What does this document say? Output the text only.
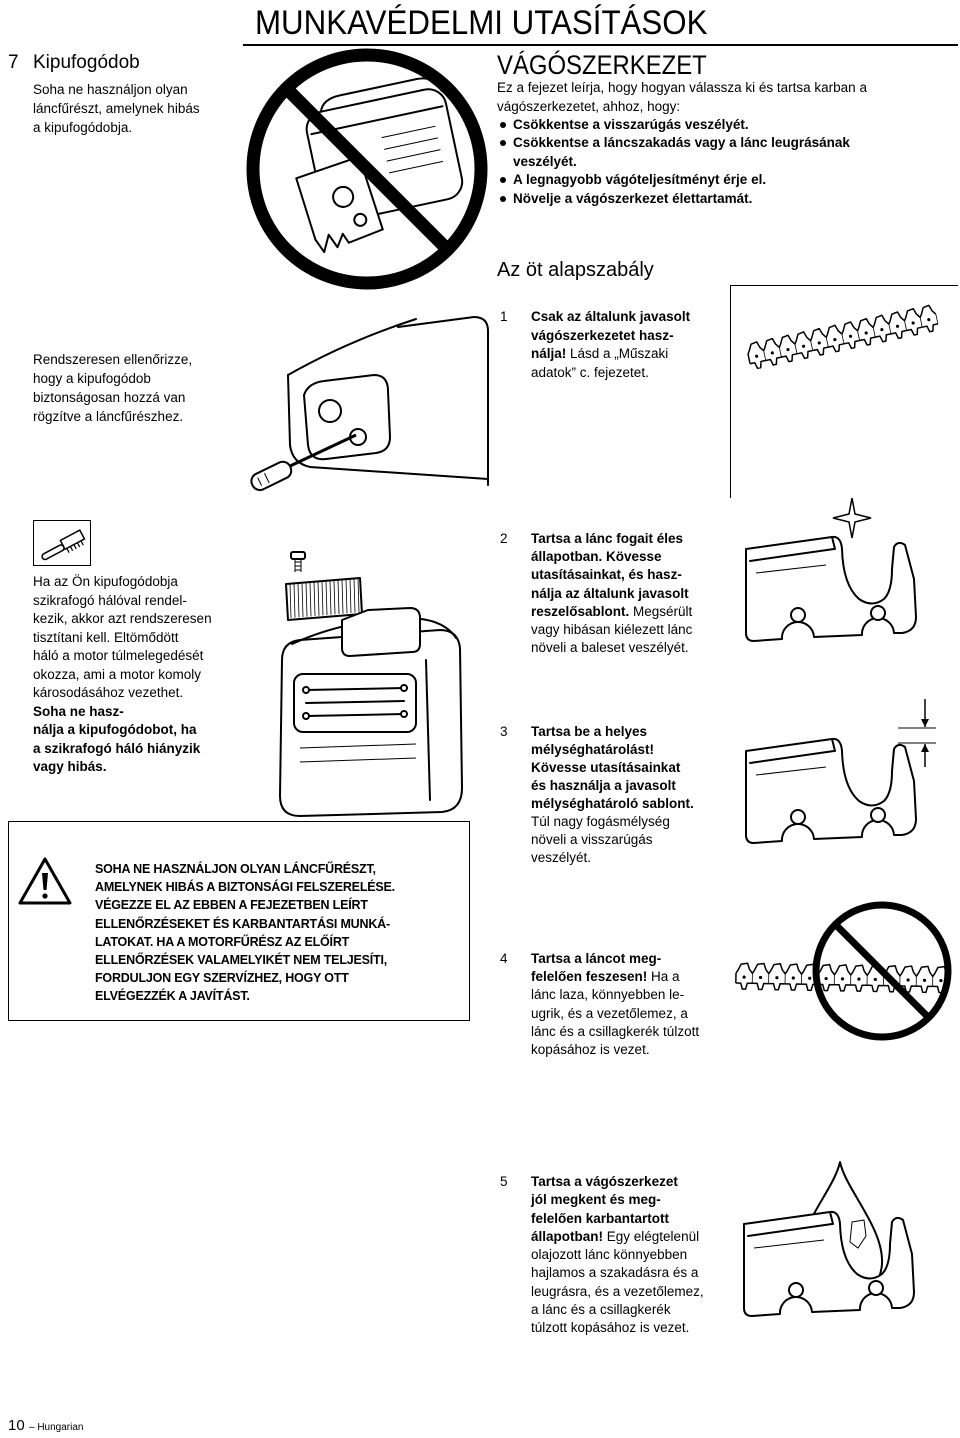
MUNKAVÉDELMI UTASÍTÁSOK
7 Kipufogódob
Soha ne használjon olyan
láncfűrészt, amelynek hibás
a kipufogódobja.
Rendszeresen ellenőrizze,
hogy a kipufogódob
biztonságosan hozzá van
rögzítve a láncfűrészhez.
VÁGÓSZERKEZET
Ez a fejezet leírja, hogy hogyan válassza ki és tartsa karban a
vágószerkezetet, ahhoz, hogy:
Csökkentse a visszarúgás veszélyét.
Csökkentse a láncszakadás vagy a lánc leugrásának
veszélyét.
A legnagyobb vágóteljesítményt érje el.
Növelje a vágószerkezet élettartamát.
Az öt alapszabály
1 Csak az általunk javasolt
vágószerkezetet hasz-
nálja! Lásd a „Műszaki
adatok” c. fejezetet.
2 Tartsa a lánc fogait éles
állapotban. Kövesse
utasításainkat, és hasz-
nálja az általunk javasolt
reszelősablont. Megsérült
vagy hibásan kiélezett lánc
növeli a baleset veszélyét.
3 Tartsa be a helyes
mélységhatárolást!
Kövesse utasításainkat
és használja a javasolt
mélységhatároló sablont.
Túl nagy fogásmélység
növeli a visszarúgás
veszélyét.
4 Tartsa a láncot meg-
felelően feszesen! Ha a
lánc laza, könnyebben le-
ugrik, és a vezetőlemez, a
lánc és a csillagkerék túlzott
kopásához is vezet.
5 Tartsa a vágószerkezet
jól megkent és meg-
felelően karbantartott
állapotban! Egy elégtelenül
olajozott lánc könnyebben
hajlamos a szakadásra és a
leugrásra, és a vezetőlemez,
a lánc és a csillagkerék
túlzott kopásához is vezet.
Ha az Ön kipufogódobja
szikrafogó hálóval rendel-
kezik, akkor azt rendszeresen
tisztítani kell. Eltömődött
háló a motor túlmelegedését
okozza, ami a motor komoly
károsodásához vezethet.
Soha ne hasz-
nálja a kipufogódobot, ha
a szikrafogó háló hiányzik
vagy hibás.
SOHA NE HASZNÁLJON OLYAN LÁNCFŰRÉSZT,
AMELYNEK HIBÁS A BIZTONSÁGI FELSZERELÉSE.
VÉGEZZE EL AZ EBBEN A FEJEZETBEN LEÍRT
ELLENŐRZÉSEKET ÉS KARBANTARTÁSI MUNKÁ-
LATOKAT. HA A MOTORFŰRÉSZ AZ ELŐÍRT
ELLENŐRZÉSEK VALAMELYIKÉT NEM TELJESÍTI,
FORDULJON EGY SZERVÍZHEZ, HOGY OTT
ELVÉGEZZÉK A JAVÍTÁST.
10 – Hungarian
